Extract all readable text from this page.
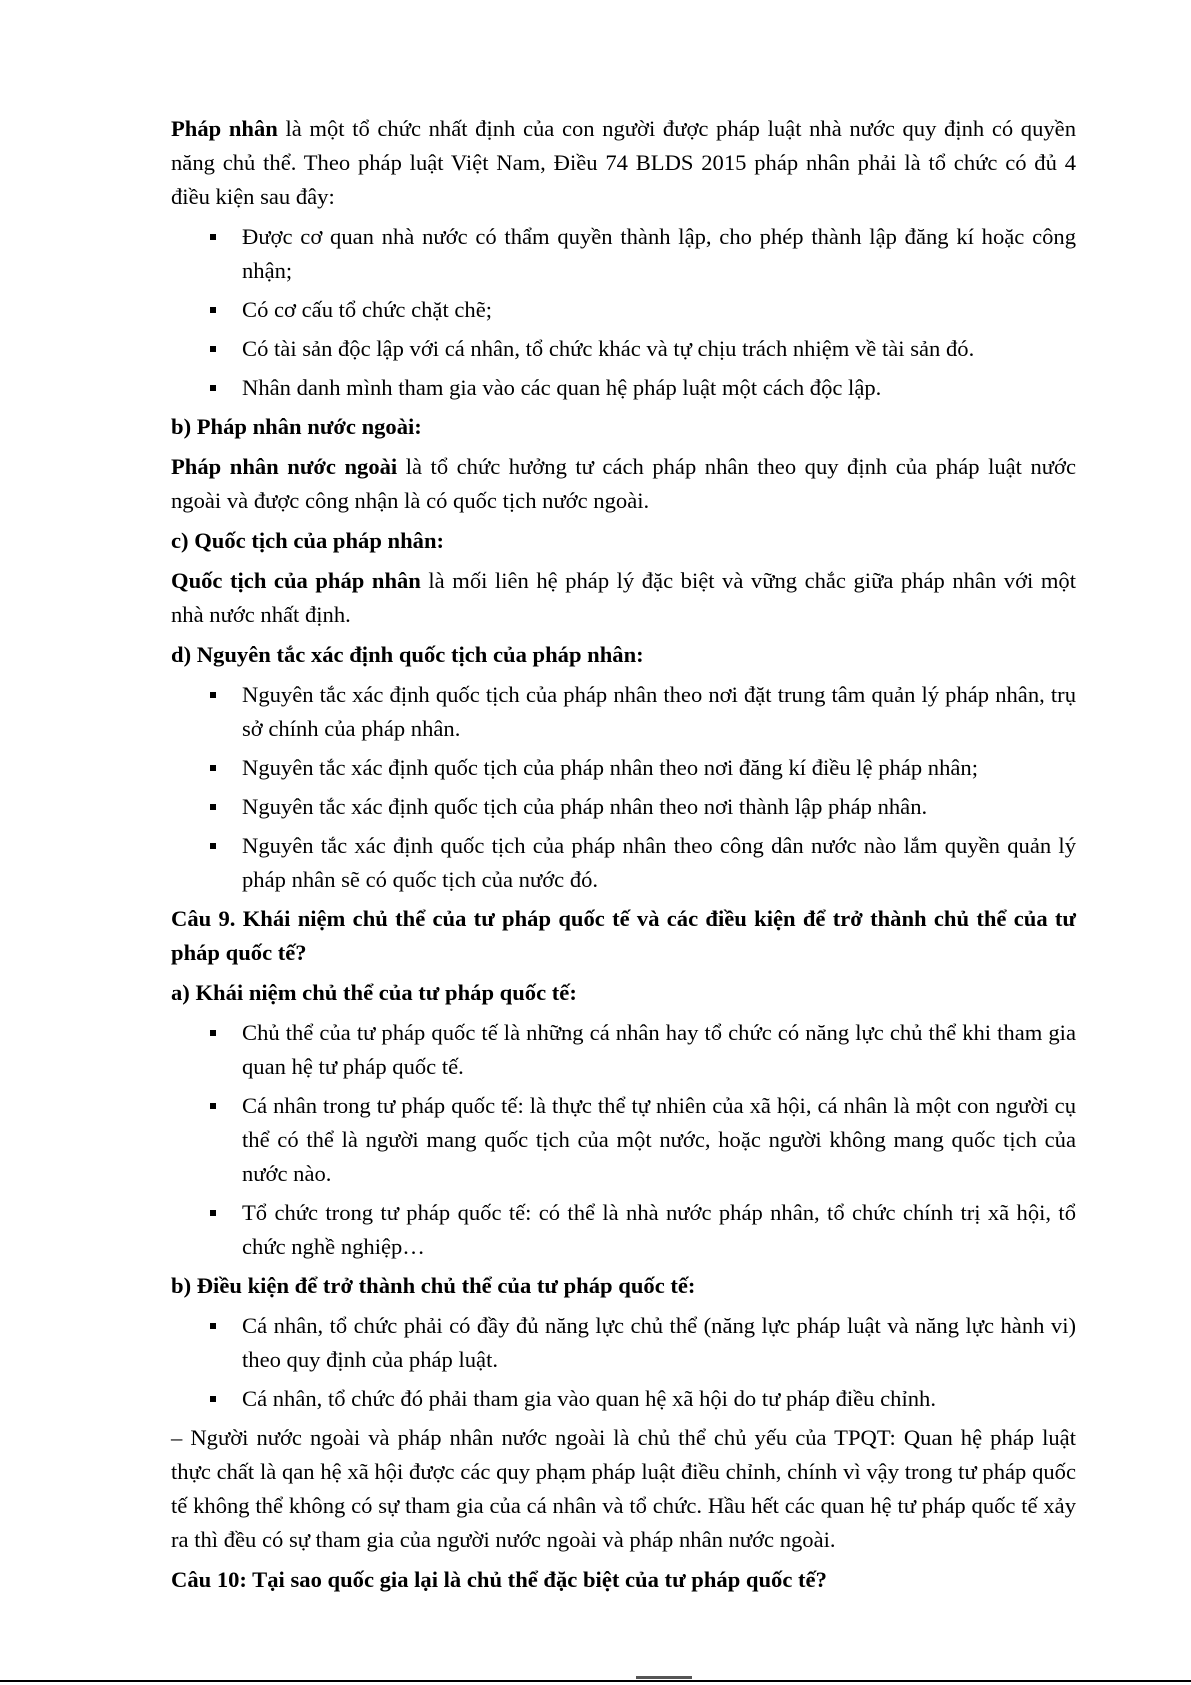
Pháp nhân là một tổ chức nhất định của con người được pháp luật nhà nước quy định có quyền năng chủ thể. Theo pháp luật Việt Nam, Điều 74 BLDS 2015 pháp nhân phải là tổ chức có đủ 4 điều kiện sau đây:

Được cơ quan nhà nước có thẩm quyền thành lập, cho phép thành lập đăng kí hoặc công nhận;
Có cơ cấu tổ chức chặt chẽ;
Có tài sản độc lập với cá nhân, tổ chức khác và tự chịu trách nhiệm về tài sản đó.
Nhân danh mình tham gia vào các quan hệ pháp luật một cách độc lập.
b) Pháp nhân nước ngoài:

Pháp nhân nước ngoài là tổ chức hưởng tư cách pháp nhân theo quy định của pháp luật nước ngoài và được công nhận là có quốc tịch nước ngoài.

c) Quốc tịch của pháp nhân:

Quốc tịch của pháp nhân là mối liên hệ pháp lý đặc biệt và vững chắc giữa pháp nhân với một nhà nước nhất định.

d) Nguyên tắc xác định quốc tịch của pháp nhân:
Nguyên tắc xác định quốc tịch của pháp nhân theo nơi đặt trung tâm quản lý pháp nhân, trụ sở chính của pháp nhân.
Nguyên tắc xác định quốc tịch của pháp nhân theo nơi đăng kí điều lệ pháp nhân;
Nguyên tắc xác định quốc tịch của pháp nhân theo nơi thành lập pháp nhân.
Nguyên tắc xác định quốc tịch của pháp nhân theo công dân nước nào lắm quyền quản lý pháp nhân sẽ có quốc tịch của nước đó.
Câu 9. Khái niệm chủ thể của tư pháp quốc tế và các điều kiện để trở thành chủ thể của tư pháp quốc tế?
a) Khái niệm chủ thể của tư pháp quốc tế:
Chủ thể của tư pháp quốc tế là những cá nhân hay tổ chức có năng lực chủ thể khi tham gia quan hệ tư pháp quốc tế.
Cá nhân trong tư pháp quốc tế: là thực thể tự nhiên của xã hội, cá nhân là một con người cụ thể có thể là người mang quốc tịch của một nước, hoặc người không mang quốc tịch của nước nào.
Tổ chức trong tư pháp quốc tế: có thể là nhà nước pháp nhân, tổ chức chính trị xã hội, tổ chức nghề nghiệp…
b) Điều kiện để trở thành chủ thể của tư pháp quốc tế:
Cá nhân, tổ chức phải có đầy đủ năng lực chủ thể (năng lực pháp luật và năng lực hành vi) theo quy định của pháp luật.
Cá nhân, tổ chức đó phải tham gia vào quan hệ xã hội do tư pháp điều chỉnh.

– Người nước ngoài và pháp nhân nước ngoài là chủ thể chủ yếu của TPQT: Quan hệ pháp luật thực chất là qan hệ xã hội được các quy phạm pháp luật điều chỉnh, chính vì vậy trong tư pháp quốc tế không thể không có sự tham gia của cá nhân và tổ chức. Hầu hết các quan hệ tư pháp quốc tế xảy ra thì đều có sự tham gia của người nước ngoài và pháp nhân nước ngoài.

Câu 10: Tại sao quốc gia lại là chủ thể đặc biệt của tư pháp quốc tế?
